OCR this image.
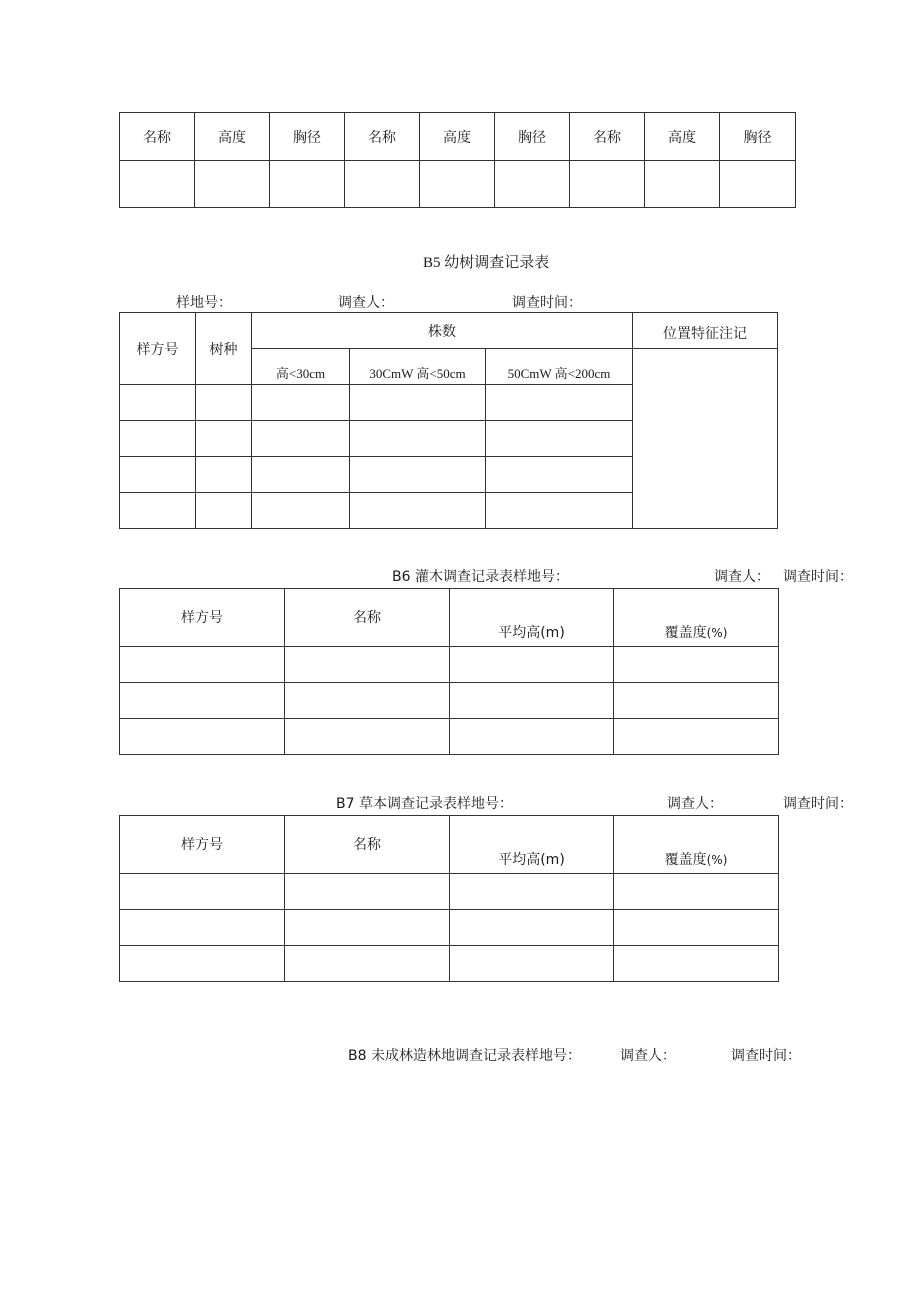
名称	高度	胸径	名称	高度	胸径	名称	高度	胸径

B5 幼树调查记录表
样地号：	调查人：	调查时间：
样方号	树种	株数			位置特征注记
		高<30cm	30CmW 高<50cm	50CmW 高<200cm	

B6 灌木调查记录表样地号：	调查人： 调查时间：
样方号	名称	平均高(m)	覆盖度(%)

B7 草本调查记录表样地号：	调查人：	调查时间：
样方号	名称	平均高(m)	覆盖度(%)

B8 未成林造林地调查记录表样地号：	调查人：	调查时间：
